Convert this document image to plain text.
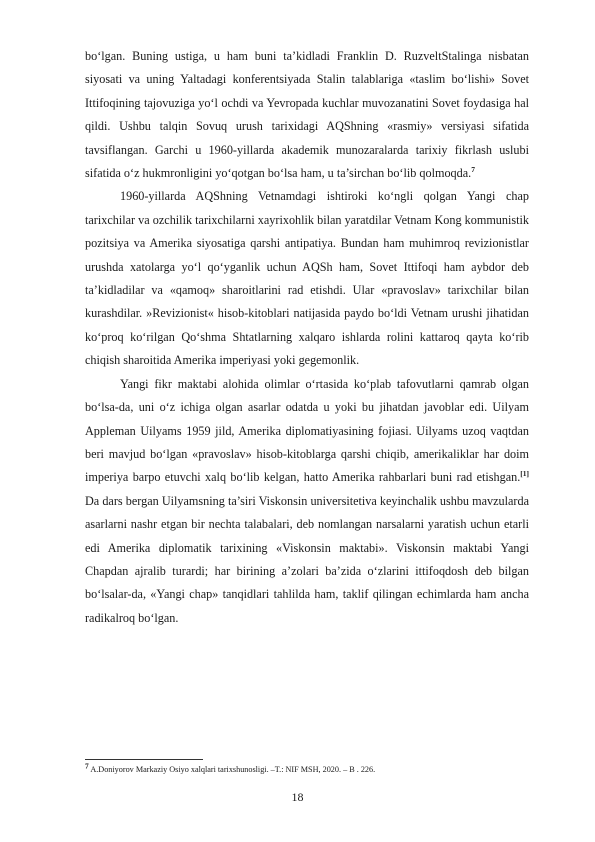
bo‘lgan. Buning ustiga, u ham buni ta’kidladi Franklin D. RuzveltStalinga nisbatan siyosati va uning Yaltadagi konferentsiyada Stalin talablariga «taslim bo‘lishi» Sovet Ittifoqining tajovuziga yo‘l ochdi va Yevropada kuchlar muvozanatini Sovet foydasiga hal qildi. Ushbu talqin Sovuq urush tarixidagi AQShning «rasmiy» versiyasi sifatida tavsiflangan. Garchi u 1960-yillarda akademik munozaralarda tarixiy fikrlash uslubi sifatida o‘z hukmronligini yo‘qotgan bo‘lsa ham, u ta’sirchan bo‘lib qolmoqda.$^7$

1960-yillarda AQShning Vetnamdagi ishtiroki ko‘ngli qolgan Yangi chap tarixchilar va ozchilik tarixchilarni xayrixohlik bilan yaratdilar Vetnam Kong kommunistik pozitsiya va Amerika siyosatiga qarshi antipatiya. Bundan ham muhimroq revizionistlar urushda xatolarga yo‘l qo‘yganlik uchun AQSh ham, Sovet Ittifoqi ham aybdor deb ta’kidladilar va «qamoq» sharoitlarini rad etishdi. Ular «pravoslav» tarixchilar bilan kurashdilar. »Revizionist« hisob-kitoblari natijasida paydo bo‘ldi Vetnam urushi jihatidan ko‘proq ko‘rilgan Qo‘shma Shtatlarning xalqaro ishlarda rolini kattaroq qayta ko‘rib chiqish sharoitida Amerika imperiyasi yoki gegemonlik.

Yangi fikr maktabi alohida olimlar o‘rtasida ko‘plab tafovutlarni qamrab olgan bo‘lsa-da, uni o‘z ichiga olgan asarlar odatda u yoki bu jihatdan javoblar edi. Uilyam Appleman Uilyams 1959 jild, Amerika diplomatiyasining fojiasi. Uilyams uzoq vaqtdan beri mavjud bo‘lgan «pravoslav» hisob-kitoblarga qarshi chiqib, amerikaliklar har doim imperiya barpo etuvchi xalq bo‘lib kelgan, hatto Amerika rahbarlari buni rad etishgan.[1] Da dars bergan Uilyamsning ta’siri Viskonsin universitetiva keyinchalik ushbu mavzularda asarlarni nashr etgan bir nechta talabalari, deb nomlangan narsalarni yaratish uchun etarli edi Amerika diplomatik tarixining «Viskonsin maktabi». Viskonsin maktabi Yangi Chapdan ajralib turardi; har birining a’zolari ba’zida o‘zlarini ittifoqdosh deb bilgan bo‘lsalar-da, «Yangi chap» tanqidlari tahlilda ham, taklif qilingan echimlarda ham ancha radikalroq bo‘lgan.

$^7$ A.Doniyorov Markaziy Osiyo xalqlari tarixshunosligi. –T.: NIF MSH, 2020. – B . 226.
18
